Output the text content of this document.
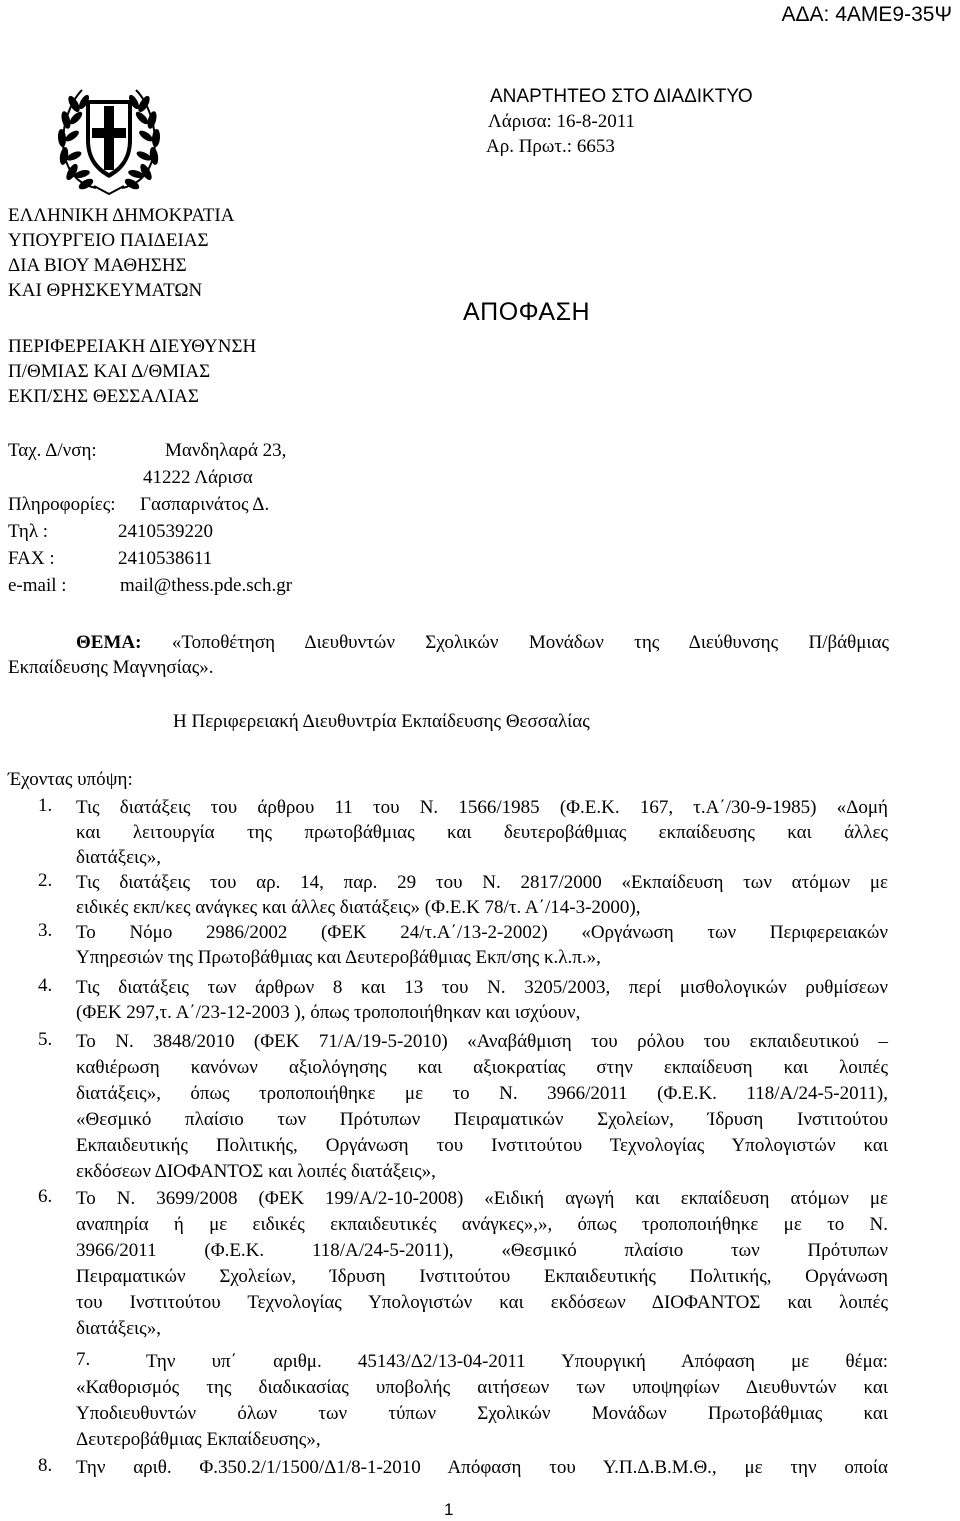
ΑΔΑ: 4ΑΜΕ9-35Ψ
ΑΝΑΡΤΗΤΕΟ ΣΤΟ ΔΙΑΔΙΚΤΥΟ
Λάρισα: 16-8-2011
Αρ. Πρωτ.: 6653
ΕΛΛΗΝΙΚΗ ΔΗΜΟΚΡΑΤΙΑ
ΥΠΟΥΡΓΕΙΟ ΠΑΙΔΕΙΑΣ
ΔΙΑ ΒΙΟΥ ΜΑΘΗΣΗΣ
ΚΑΙ ΘΡΗΣΚΕΥΜΑΤΩΝ
ΠΕΡΙΦΕΡΕΙΑΚΗ ΔΙΕΥΘΥΝΣΗ
Π/ΘΜΙΑΣ ΚΑΙ Δ/ΘΜΙΑΣ
ΕΚΠ/ΣΗΣ ΘΕΣΣΑΛΙΑΣ
ΑΠΟΦΑΣΗ
Ταχ. Δ/νση:	Μανδηλαρά 23,
41222 Λάρισα
Πληροφορίες: Γασπαρινάτος Δ.
Τηλ :	2410539220
FAX :	2410538611
e-mail :	mail@thess.pde.sch.gr
ΘΕΜΑ: «Τοποθέτηση Διευθυντών Σχολικών Μονάδων της Διεύθυνσης Π/βάθμιας
Εκπαίδευσης Μαγνησίας».
Η Περιφερειακή Διευθυντρία Εκπαίδευσης Θεσσαλίας
Έχοντας υπόψη:
1. Τις διατάξεις του άρθρου 11 του Ν. 1566/1985 (Φ.Ε.Κ. 167, τ.Α΄/30-9-1985) «Δομή
και λειτουργία της πρωτοβάθμιας και δευτεροβάθμιας εκπαίδευσης και άλλες
διατάξεις»,
2. Τις διατάξεις του αρ. 14, παρ. 29 του Ν. 2817/2000 «Εκπαίδευση των ατόμων με
ειδικές εκπ/κες ανάγκες και άλλες διατάξεις» (Φ.Ε.Κ 78/τ. Α΄/14-3-2000),
3. Το Νόμο 2986/2002 (ΦΕΚ 24/τ.Α΄/13-2-2002) «Οργάνωση των Περιφερειακών
Υπηρεσιών της Πρωτοβάθμιας και Δευτεροβάθμιας Εκπ/σης κ.λ.π.»,
4. Τις διατάξεις των άρθρων 8 και 13 του Ν. 3205/2003, περί μισθολογικών ρυθμίσεων
(ΦΕΚ 297,τ. Α΄/23-12-2003 ), όπως τροποποιήθηκαν και ισχύουν,
5. Το Ν. 3848/2010 (ΦΕΚ 71/Α/19-5-2010) «Αναβάθμιση του ρόλου του εκπαιδευτικού –
καθιέρωση κανόνων αξιολόγησης και αξιοκρατίας στην εκπαίδευση και λοιπές
διατάξεις», όπως τροποποιήθηκε με το Ν. 3966/2011 (Φ.Ε.Κ. 118/Α/24-5-2011),
«Θεσμικό πλαίσιο των Πρότυπων Πειραματικών Σχολείων, Ίδρυση Ινστιτούτου
Εκπαιδευτικής Πολιτικής, Οργάνωση του Ινστιτούτου Τεχνολογίας Υπολογιστών και
εκδόσεων ΔΙΟΦΑΝΤΟΣ και λοιπές διατάξεις»,
6. Το Ν. 3699/2008 (ΦΕΚ 199/Α/2-10-2008) «Ειδική αγωγή και εκπαίδευση ατόμων με
αναπηρία ή με ειδικές εκπαιδευτικές ανάγκες»,», όπως τροποποιήθηκε με το Ν.
3966/2011 (Φ.Ε.Κ. 118/Α/24-5-2011), «Θεσμικό πλαίσιο των Πρότυπων
Πειραματικών Σχολείων, Ίδρυση Ινστιτούτου Εκπαιδευτικής Πολιτικής, Οργάνωση
του Ινστιτούτου Τεχνολογίας Υπολογιστών και εκδόσεων ΔΙΟΦΑΝΤΟΣ και λοιπές
διατάξεις»,
7.	Την υπ΄ αριθμ. 45143/Δ2/13-04-2011 Υπουργική Απόφαση με θέμα:
«Καθορισμός της διαδικασίας υποβολής αιτήσεων των υποψηφίων Διευθυντών και
Υποδιευθυντών όλων των τύπων Σχολικών Μονάδων Πρωτοβάθμιας και
Δευτεροβάθμιας Εκπαίδευσης»,
8. Την αριθ. Φ.350.2/1/1500/Δ1/8-1-2010 Απόφαση του Υ.Π.Δ.Β.Μ.Θ., με την οποία
1
